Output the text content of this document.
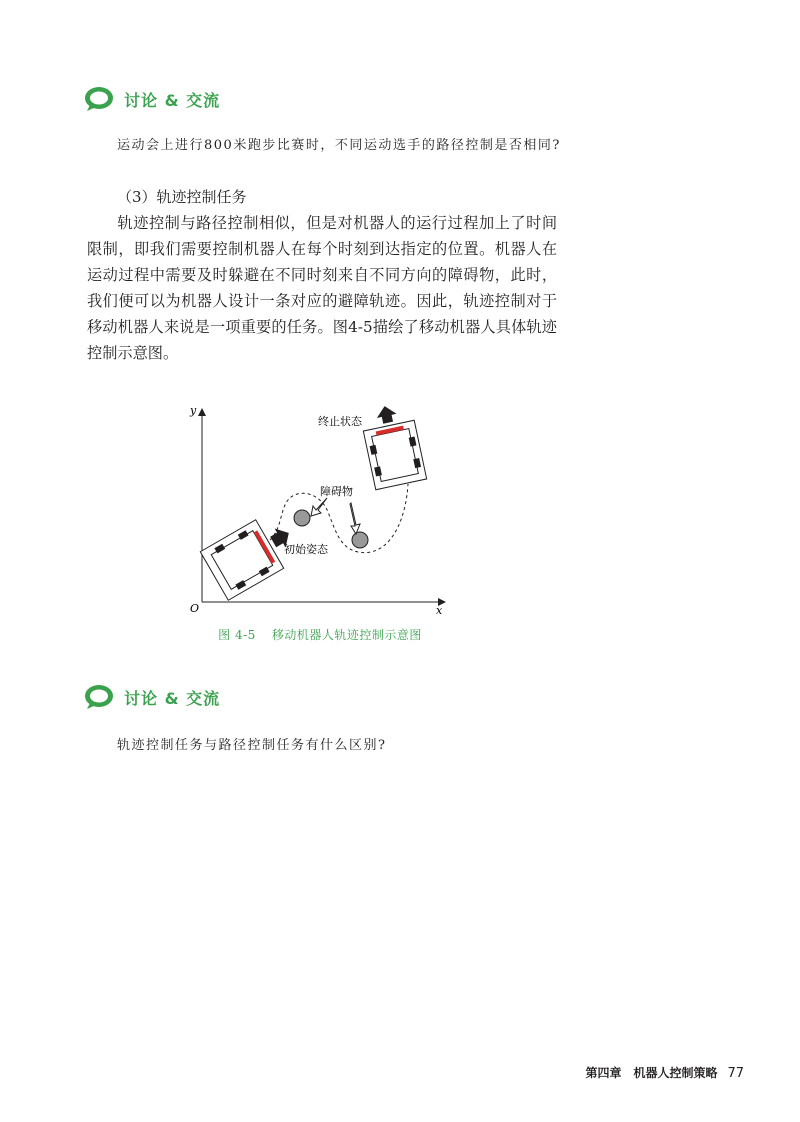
讨论 & 交流
运动会上进行800米跑步比赛时，不同运动选手的路径控制是否相同?
（3）轨迹控制任务

轨迹控制与路径控制相似，但是对机器人的运行过程加上了时间限制，即我们需要控制机器人在每个时刻到达指定的位置。机器人在运动过程中需要及时躲避在不同时刻来自不同方向的障碍物，此时，我们便可以为机器人设计一条对应的避障轨迹。因此，轨迹控制对于移动机器人来说是一项重要的任务。图4-5描绘了移动机器人具体轨迹控制示意图。

y
x
O
障碍物
初始姿态
终止状态
图 4-5 移动机器人轨迹控制示意图
讨论 & 交流
轨迹控制任务与路径控制任务有什么区别?
第四章　机器人控制策略 77
